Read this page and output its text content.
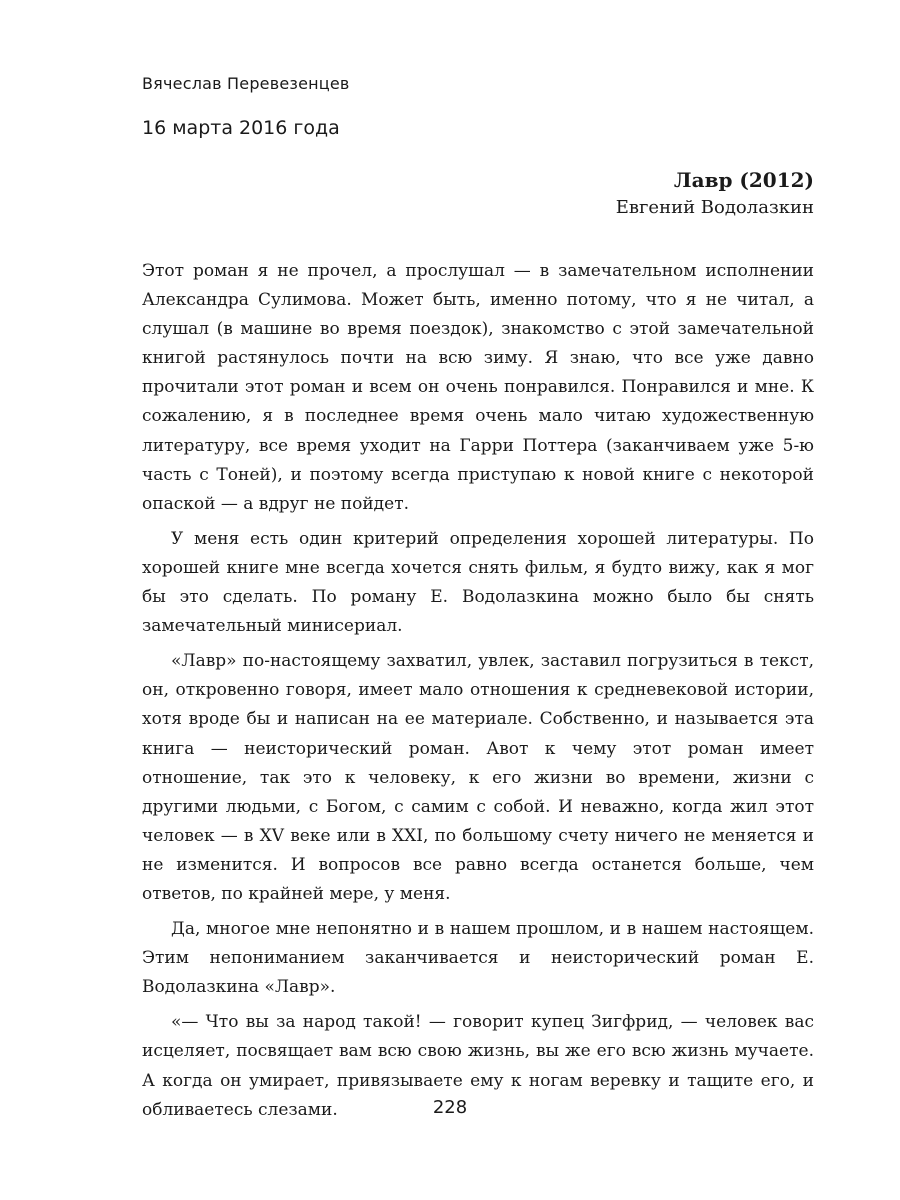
Вячеслав Перевезенцев
16 марта 2016 года
Лавр (2012)
Евгений Водолазкин

Этот роман я не прочел, а прослушал — в замечательном исполнении Александра Сулимова. Может быть, именно потому, что я не читал, а слушал (в машине во время поездок), знакомство с этой замечательной книгой растянулось почти на всю зиму. Я знаю, что все уже давно прочитали этот роман и всем он очень понравился. Понравился и мне. К сожалению, я в последнее время очень мало читаю художественную литературу, все время уходит на Гарри Поттера (заканчиваем уже 5-ю часть с Тоней), и поэтому всегда приступаю к новой книге с некоторой опаской — а вдруг не пойдет.

У меня есть один критерий определения хорошей литературы. По хорошей книге мне всегда хочется снять фильм, я будто вижу, как я мог бы это сделать. По роману Е. Водолазкина можно было бы снять замечательный минисериал.

«Лавр» по-настоящему захватил, увлек, заставил погрузиться в текст, он, откровенно говоря, имеет мало отношения к средневековой истории, хотя вроде бы и написан на ее материале. Собственно, и называется эта книга — неисторический роман. Авот к чему этот роман имеет отношение, так это к человеку, к его жизни во времени, жизни с другими людьми, с Богом, с самим с собой. И неважно, когда жил этот человек — в XV веке или в XXI, по большому счету ничего не меняется и не изменится. И вопросов все равно всегда останется больше, чем ответов, по крайней мере, у меня.

Да, многое мне непонятно и в нашем прошлом, и в нашем настоящем. Этим непониманием заканчивается и неисторический роман Е. Водолазкина «Лавр».

«— Что вы за народ такой! — говорит купец Зигфрид, — человек вас исцеляет, посвящает вам всю свою жизнь, вы же его всю жизнь мучаете. А когда он умирает, привязываете ему к ногам веревку и тащите его, и обливаетесь слезами.	228
